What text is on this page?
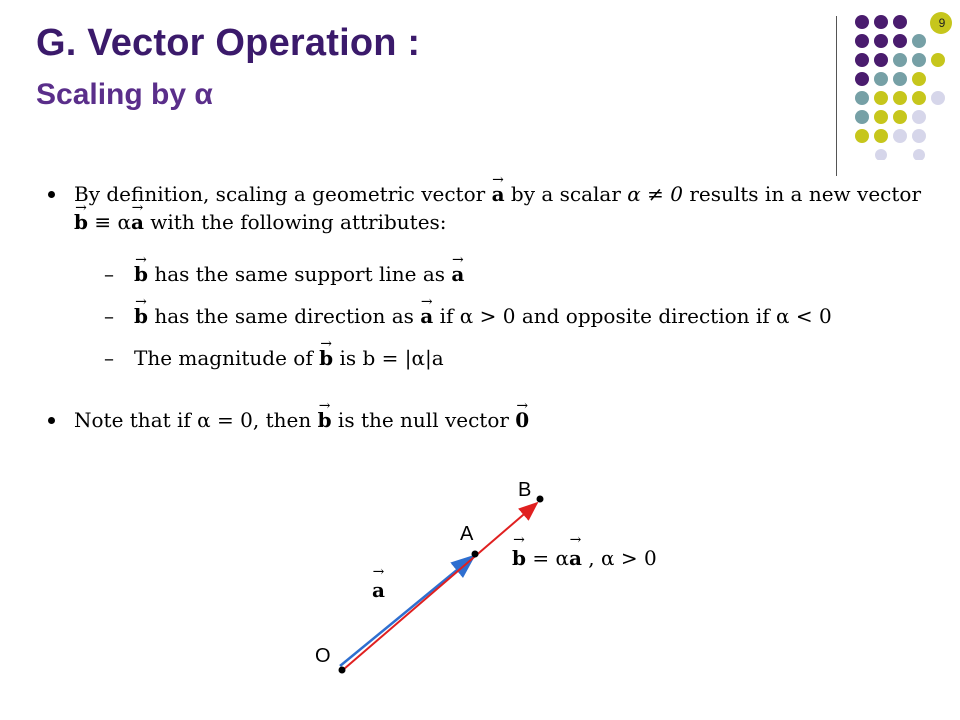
G. Vector Operation :
Scaling by α
9
By definition, scaling a geometric vector → a by a scalar α ≠ 0 results in a new vector → b ≡ α→ a with the following attributes:
– → b has the same support line as → a
– → b has the same direction as → a if α > 0 and opposite direction if α < 0
– The magnitude of → b is b = |α|a
Note that if α = 0, then → b is the null vector → 0
O
A
B
→ a
→ b = α→ a , α > 0
